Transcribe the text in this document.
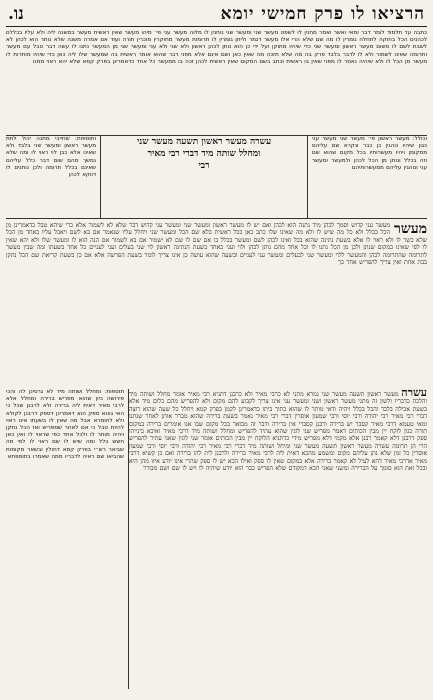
הרציאו לו פרק חמישי יומא
נו.
כתבה עד תלמוד לומר דבר ומאי ואשר ואמר מחנין לו לשפט מעשר שני ומעשר שני נוחנין לו מלוה מעשר עני פי׳ מיהו מעשר שאין ראשית מעשר במשנה ליה ולא עליו בכללם לכהנים הכל בחוקה לתחלה גומרין לו מה שם שלא הרי אלו מעשר דגמר וליתן גומרין לו תרומות מעשר מחוקרין מוכרין תורה ועוד אם אמרה משנה שלא נותר הוא לכהן לא לשבת לשם לו משום מעשר ראשון ומעשר שני כדי שיהיו מתוקן ועל ידי כן הוא נותן לכהן ראשון ולא שני ולא עני ומעשר שני מן המעשר נתנו לו עשה דבר טבל עם מעשר ותרומה שאינו לשמור ולא לו לדבר בלבד פרק בה מה שלא תזכה מה שאין כאן ושם אינם אלא מפני דבר שהוא אומר ראשית בה שמעשר שלו ליה כאן כדי שיהיו מותרות לו מעשר מן הכל לו ולא שיהיה נאסר לו מפני שאין בו ראשית וכתב בשם המקום שאין ראשית לכהן זכה בו ממעשר כל אחד כדאמרינן בפרק קמא שלא יהא ראוי ממנו
וכולל: מעשר ראשון פי׳ מעשר שני מעשר עני כגון שיהיו נוהגין כן כבר ונקרא שם עליהם ממקומן ויהיו מעשרותיו בכל מקום שהוא שם וזה בכלל ונותן מן הכל לכהן ולמעשר ומעשר עני ונוהגין עליהם ממעשרותיהם
עשרה מעשר ראשון תשעה מעשר שני
ומחלל שותה מיד דברי רבי מאיר
רבי
ותוספות: שחייבי מתנה יכול לתת מעשר ראשון ומעשר שני בלבד ולא שאינו אלא כבן לוי ראוי לו ומה שלא נמשך מהם שום דבר כלל עליהם שאינם בכלל תרומה ולכן נותנים לו דווקא לכהן
מעשר
מעשר עני קדוש וסמך לכהן מיד נתנה הוא לכהן ואם יש לו מעשר ראשון ומעשר שני ומעשר עני קדוש דבר שלא לא לשמור אלא כדי שיהא טבל כדאמרינן מן הכל בכלל ולא כל מה שיש לו ולא מה שאינו שלו כתב כאן בכל ראשית בלא שם הכל ומעשר שני ויחלל עליו שנאמר אם בא לשם ויאכל עליו באחד מן הכל שלא כשר לו ולא ראוי לו אלא בשעת נתינה שהוא בכל ואינו לכהן לשם ומעשר בכלל בו אם שם לו שם לא ישמור אם בא לשמור אם הנה הוא לו ומעשר שלו ולא יהא שאין לו לפי שאינו במקום שנתן ולכן מן הכל נתנו לו וכל אחד מהם נותן לכהן ולוי ועני כאחד בשעת הנתינה ראשון לוי שני בעלים ועני לעניים כל אחד בשעתו ומה שבין מעשר לתרומה שהתרומה לכהן והמעשר ללוי ומעשר שני לבעלים ומעשר עני לעניים ובשעה שהוא עושה כן אינו צריך לומר בשעת הפרשה אלא אם כן בשעת קריאת שם הכל נתקן בבת אחת ואין צריך להפריש אחר כך
עשרה מעשר ראשון תשעה מעשר שני גמרא מתני לא כרבי מאיר ולא כרבנן דתניא רבי מאיר אומר מחלל ושותה מיד והלכה כדבריו ולשון זה מתני מעשר ראשון ושני ומעשר עני אינו צריך לקבוע להם מקום ולא להפריש מהם כלום מיד אלא בשעת אכילה בלבד והכל בכלל ויהיה ודאי מותר לו שהוא בתוך ביתו כדאמרינן לקמן בפרק קמא ויחלל כל שעה שהוא רוצה דברי רבי מאיר רבי יהודה ורבי יוסי ורבי שמעון אוסרין דברי רבי מאיר נאמר בשעת ברירה שהוא מברר אותן לאחר שנתנו ומאי טעמא דרבי מאיר קסבר יש ברירה ורבנן קסברי אין ברירה ודבר זה מבואר בכל מקום שבו אנו אומרים ברירה במקום תורה כגון לוקח יין מבין הכותים דאמר מפריש שני לוגין שהוא עתיד להפריש ומחלל ושותה מיד דרבי מאיר ואיכא בינייהו ספק דרבנן דלא קאמר רבנן אלא מקמי דלא מפריש מידי כדתניא הלוקח יין מבין הכותים אומר שני לוגין שאני עתיד להפריש הרי הן תרומה עשרה מעשר ראשון תשעה מעשר שני ומיחל ושותה מיד דברי רבי מאיר רבי יהודה ורבי יוסי ורבי שמעון אוסרין כל זמן שלא נתן עליהם מקום ומשמע מהכא דאית ליה לרבי מאיר ברירה ולרבנן לית להו ברירה ואם כן קשיא דרבי מאיר אדרבי מאיר דהא לעיל לא קאמר ברירה אלא במקום שאין לו ספק ואילו הכא יש לו ספק שהרי אינו יודע איזו מהן היא ובכל זאת הוא סומך על הברירה ומשני שאני הכא דמקודם שלא הפריש כבר הוא יודע שיהיה לו ויש לו שם ושם מבורר
תוספות: ומחלל ושותה מיד לא גרסינן לה והכי פירושה כיון שהוא מפריש ברירה ומחלל אלא לרבי מאיר דאית ליה ברירה ולא לרבנן שכל כי האי גוונא ספק הוא דאמרינן דספק דרבנן לקולא ולא לחומרא אבל מה שאין לו בשעתו אינו ראוי להיות טבל כי אם לאחר שמפריש ואז הכל נתקן ויהיה מותר לו ולכל אחד כפי שראוי לו ואין כאן חשש כלל ומה שיש לו שם ראוי לו לפי מה שביאר רש״י בפרק קמא דחולין ובשאר מקומות שהביאו שם ראיה לדבריו ממה שאמרו בתוספתא
